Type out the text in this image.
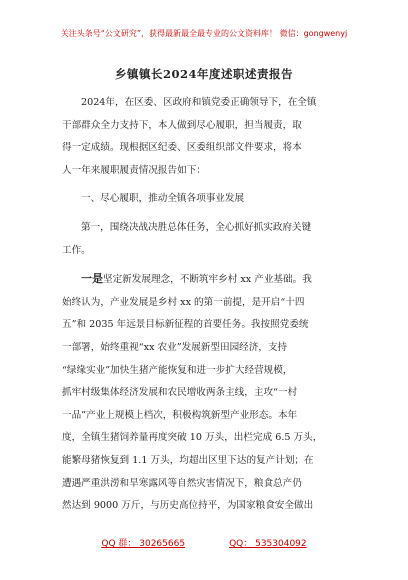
关注头条号“公文研究”，获得最新最全最专业的公文资料库！ 微信：gongwenyj
乡镇镇长2024年度述职述责报告

2024年，在区委、区政府和镇党委正确领导下，在全镇
干部群众全力支持下，本人做到尽心履职，担当履责，取
得一定成绩。现根据区纪委、区委组织部文件要求，将本
人一年来履职履责情况报告如下：

一、尽心履职，推动全镇各项事业发展

第一，围绕决战决胜总体任务，全心抓好抓实政府关键
工作。

一是坚定新发展理念，不断筑牢乡村 xx 产业基础。我
始终认为，产业发展是乡村 xx 的第一前提，是开启“十四
五”和 2035 年远景目标新征程的首要任务。我按照党委统
一部署，始终重视“xx 农业”发展新型田园经济，支持
“绿缘实业”加快生猪产能恢复和进一步扩大经营规模，
抓牢村级集体经济发展和农民增收两条主线，主攻“一村
一品”产业上规模上档次，积极构筑新型产业形态。本年
度，全镇生猪饲养量再度突破 10 万头，出栏完成 6.5 万头，
能繁母猪恢复到 1.1 万头，均超出区里下达的复产计划；在
遭遇严重洪涝和旱寒露风等自然灾害情况下，粮食总产仍
然达到 9000 万斤，与历史高位持平，为国家粮食安全做出

QQ 群： 30265665	QQ： 535304092
